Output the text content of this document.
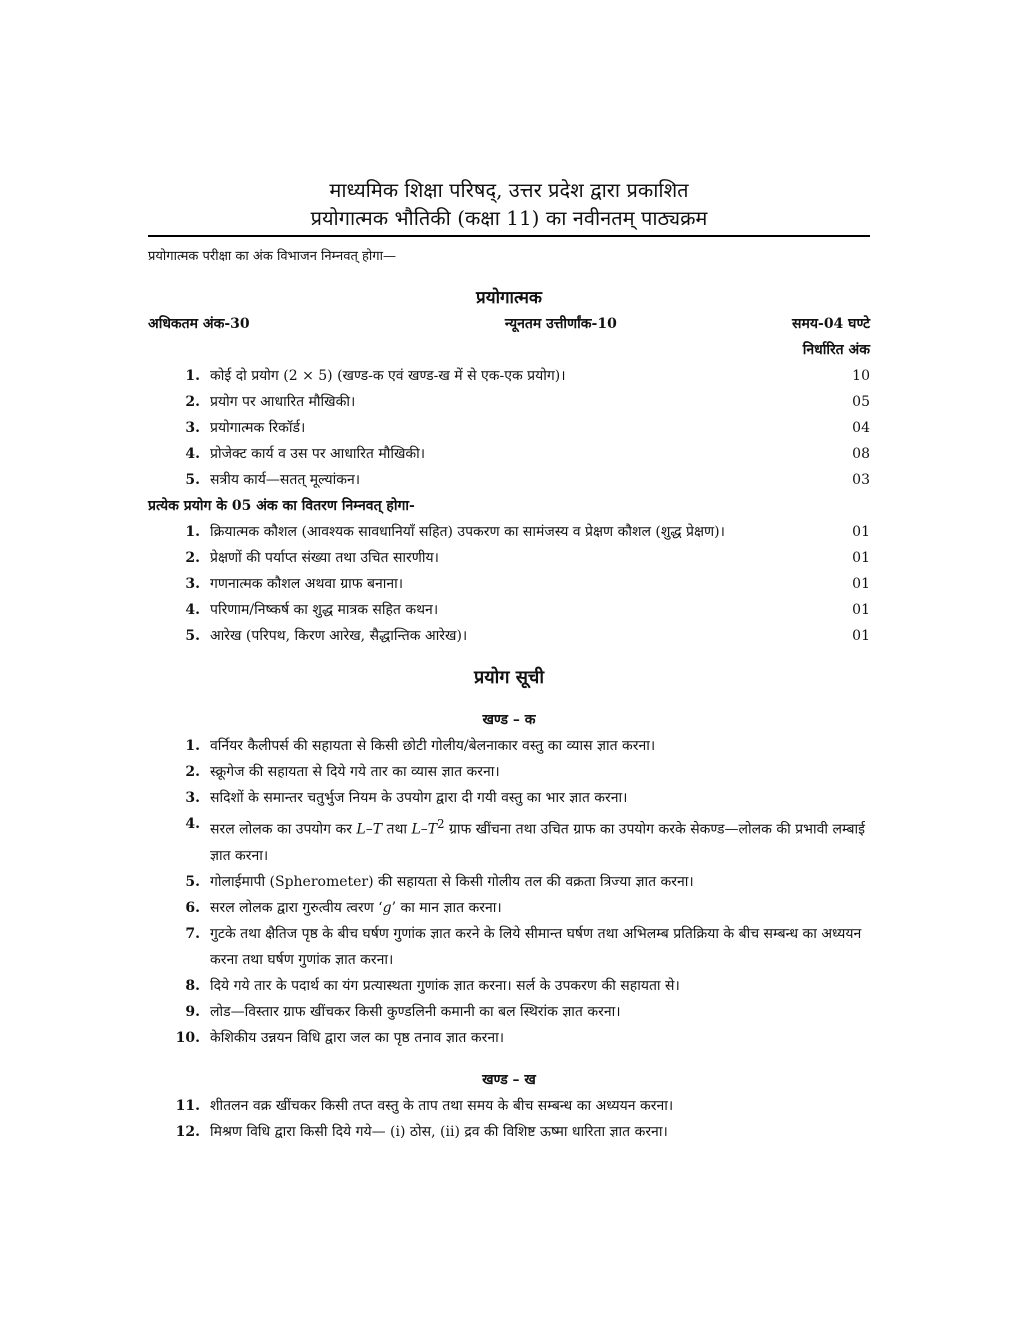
माध्यमिक शिक्षा परिषद्, उत्तर प्रदेश द्वारा प्रकाशित
प्रयोगात्मक भौतिकी (कक्षा 11) का नवीनतम् पाठ्यक्रम
प्रयोगात्मक परीक्षा का अंक विभाजन निम्नवत् होगा—
प्रयोगात्मक
अधिकतम अंक-30	न्यूनतम उत्तीर्णांक-10	समय-04 घण्टे
निर्धारित अंक
1. कोई दो प्रयोग (2 × 5) (खण्ड-क एवं खण्ड-ख में से एक-एक प्रयोग)।	10
2. प्रयोग पर आधारित मौखिकी।	05
3. प्रयोगात्मक रिकॉर्ड।	04
4. प्रोजेक्ट कार्य व उस पर आधारित मौखिकी।	08
5. सत्रीय कार्य—सतत् मूल्यांकन।	03
प्रत्येक प्रयोग के 05 अंक का वितरण निम्नवत् होगा-
1. क्रियात्मक कौशल (आवश्यक सावधानियाँ सहित) उपकरण का सामंजस्य व प्रेक्षण कौशल (शुद्ध प्रेक्षण)।	01
2. प्रेक्षणों की पर्याप्त संख्या तथा उचित सारणीय।	01
3. गणनात्मक कौशल अथवा ग्राफ बनाना।	01
4. परिणाम/निष्कर्ष का शुद्ध मात्रक सहित कथन।	01
5. आरेख (परिपथ, किरण आरेख, सैद्धान्तिक आरेख)।	01
प्रयोग सूची
खण्ड – क
1. वर्नियर कैलीपर्स की सहायता से किसी छोटी गोलीय/बेलनाकार वस्तु का व्यास ज्ञात करना।
2. स्क्रूगेज की सहायता से दिये गये तार का व्यास ज्ञात करना।
3. सदिशों के समान्तर चतुर्भुज नियम के उपयोग द्वारा दी गयी वस्तु का भार ज्ञात करना।
4. सरल लोलक का उपयोग कर L–T तथा $L-T^2$ ग्राफ खींचना तथा उचित ग्राफ का उपयोग करके सेकण्ड—लोलक की प्रभावी लम्बाई ज्ञात करना।
5. गोलाईमापी (Spherometer) की सहायता से किसी गोलीय तल की वक्रता त्रिज्या ज्ञात करना।
6. सरल लोलक द्वारा गुरुत्वीय त्वरण ‘g’ का मान ज्ञात करना।
7. गुटके तथा क्षैतिज पृष्ठ के बीच घर्षण गुणांक ज्ञात करने के लिये सीमान्त घर्षण तथा अभिलम्ब प्रतिक्रिया के बीच सम्बन्ध का अध्ययन करना तथा घर्षण गुणांक ज्ञात करना।
8. दिये गये तार के पदार्थ का यंग प्रत्यास्थता गुणांक ज्ञात करना। सर्ल के उपकरण की सहायता से।
9. लोड—विस्तार ग्राफ खींचकर किसी कुण्डलिनी कमानी का बल स्थिरांक ज्ञात करना।
10. केशिकीय उन्नयन विधि द्वारा जल का पृष्ठ तनाव ज्ञात करना।
खण्ड – ख
11. शीतलन वक्र खींचकर किसी तप्त वस्तु के ताप तथा समय के बीच सम्बन्ध का अध्ययन करना।
12. मिश्रण विधि द्वारा किसी दिये गये— (i) ठोस, (ii) द्रव की विशिष्ट ऊष्मा धारिता ज्ञात करना।
